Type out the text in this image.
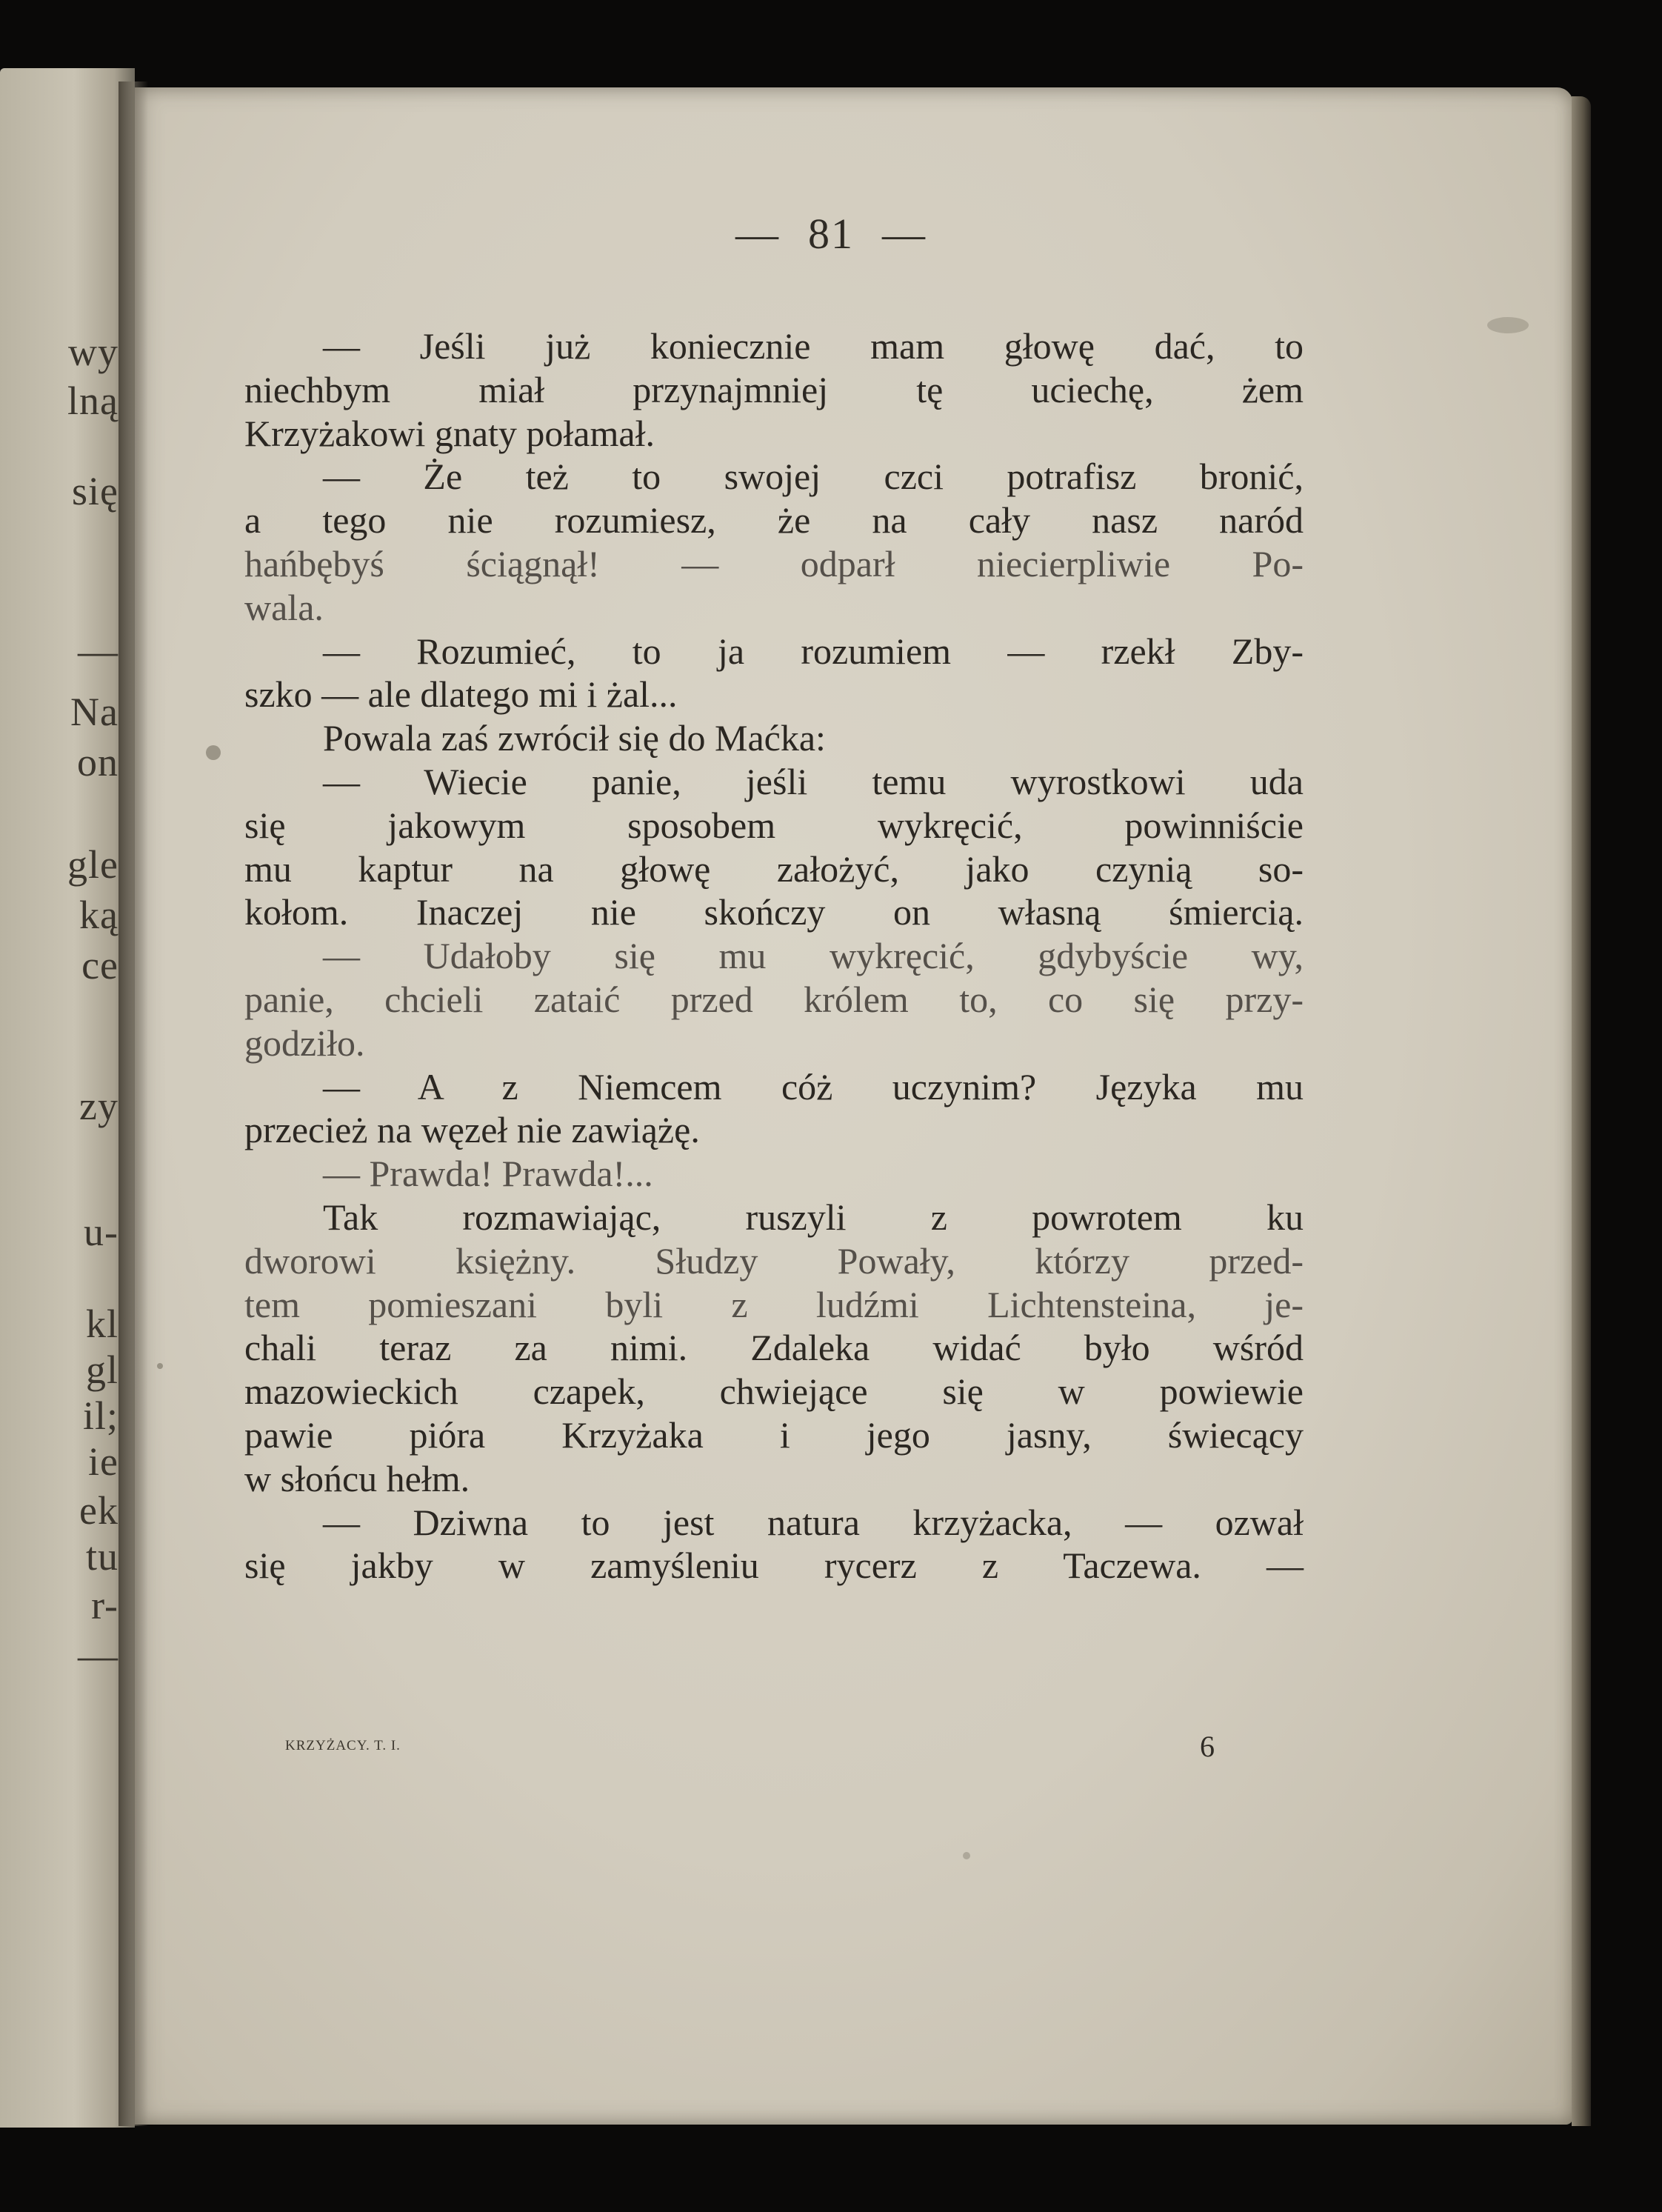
wy
lną
się
—
Na
on
gle
ką
ce
zy
u-
kl
gl
il;
ie
ek
tu
r-
—
— 81 —
— Jeśli już koniecznie mam głowę dać, to
niechbym miał przynajmniej tę uciechę, żem
Krzyżakowi gnaty połamał.
— Że też to swojej czci potrafisz bronić,
a tego nie rozumiesz, że na cały nasz naród
hańbębyś ściągnął! — odparł niecierpliwie Po-
wala.
— Rozumieć, to ja rozumiem — rzekł Zby-
szko — ale dlatego mi i żal...
Powala zaś zwrócił się do Maćka:
— Wiecie panie, jeśli temu wyrostkowi uda
się jakowym sposobem wykręcić, powinniście
mu kaptur na głowę założyć, jako czynią so-
kołom. Inaczej nie skończy on własną śmiercią.
— Udałoby się mu wykręcić, gdybyście wy,
panie, chcieli zataić przed królem to, co się przy-
godziło.
— A z Niemcem cóż uczynim? Języka mu
przecież na węzeł nie zawiążę.
— Prawda! Prawda!...
Tak rozmawiając, ruszyli z powrotem ku
dworowi księżny. Słudzy Powały, którzy przed-
tem pomieszani byli z ludźmi Lichtensteina, je-
chali teraz za nimi. Zdaleka widać było wśród
mazowieckich czapek, chwiejące się w powiewie
pawie pióra Krzyżaka i jego jasny, świecący
w słońcu hełm.
— Dziwna to jest natura krzyżacka, — ozwał
się jakby w zamyśleniu rycerz z Taczewa. —
KRZYŻACY. T. I.	6
